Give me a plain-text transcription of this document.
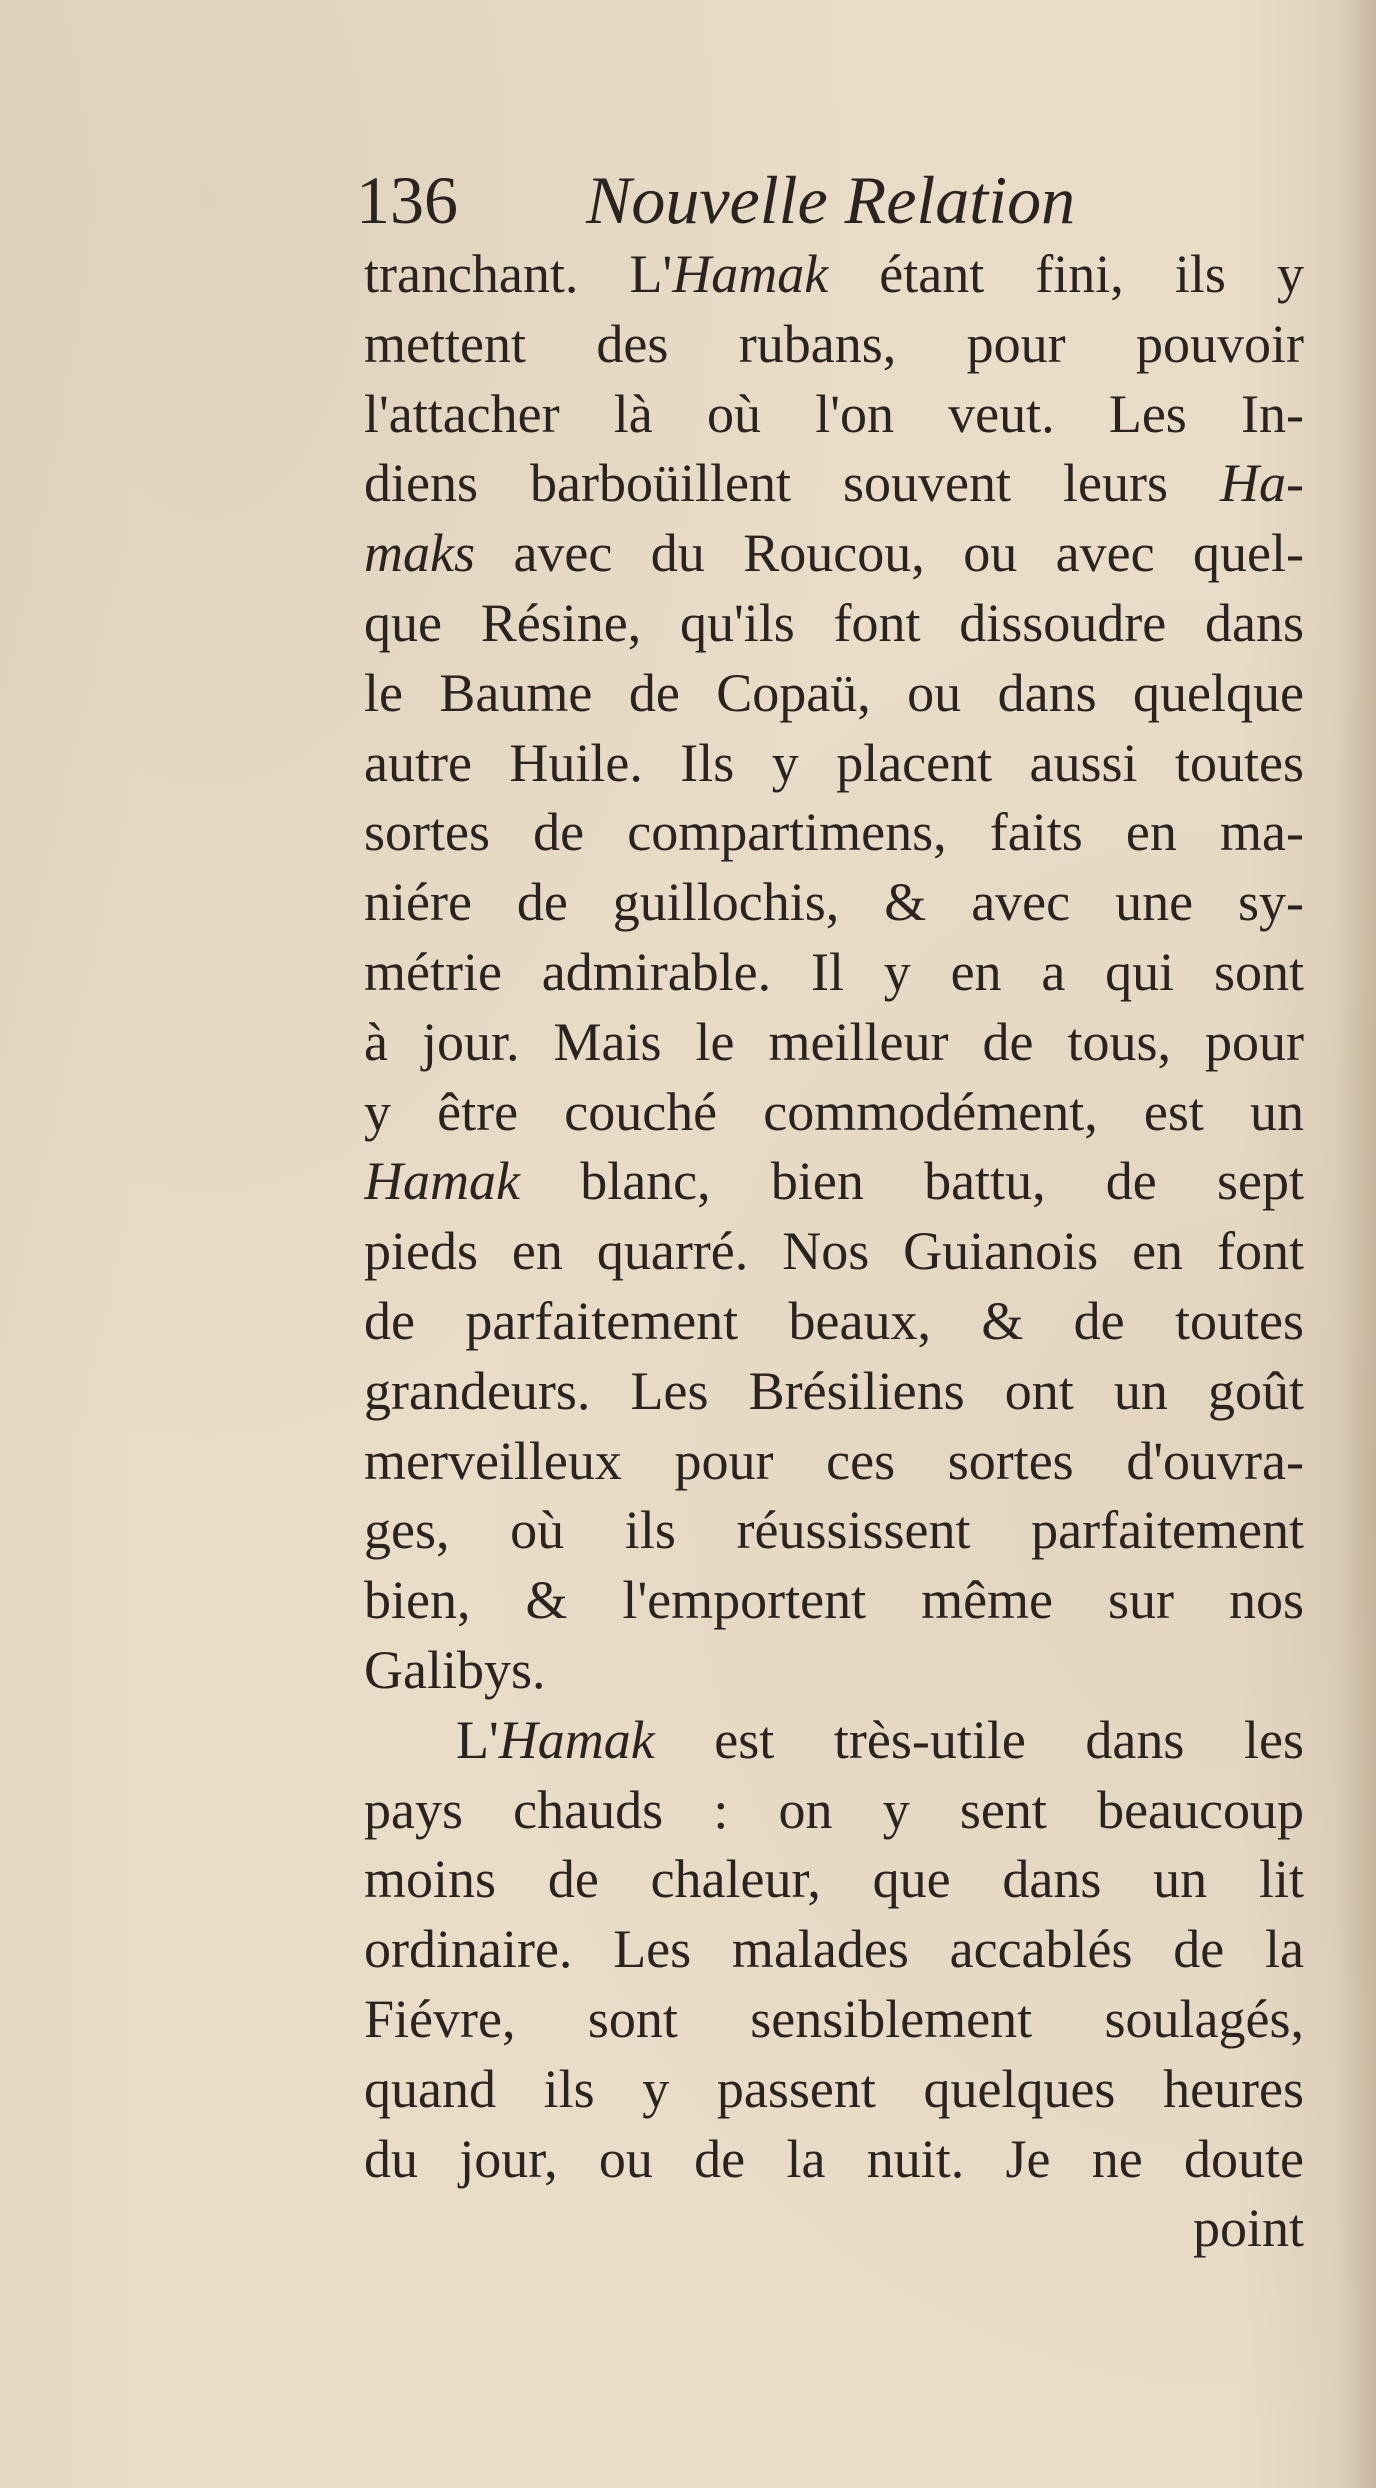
136 Nouvelle Relation
tranchant. L'Hamak étant fini, ils y
mettent des rubans, pour pouvoir
l'attacher là où l'on veut. Les In-
diens barboüillent souvent leurs Ha-
maks avec du Roucou, ou avec quel-
que Résine, qu'ils font dissoudre dans
le Baume de Copaü, ou dans quelque
autre Huile. Ils y placent aussi toutes
sortes de compartimens, faits en ma-
niére de guillochis, & avec une sy-
métrie admirable. Il y en a qui sont
à jour. Mais le meilleur de tous, pour
y être couché commodément, est un
Hamak blanc, bien battu, de sept
pieds en quarré. Nos Guianois en font
de parfaitement beaux, & de toutes
grandeurs. Les Brésiliens ont un goût
merveilleux pour ces sortes d'ouvra-
ges, où ils réussissent parfaitement
bien, & l'emportent même sur nos
Galibys.
L'Hamak est très-utile dans les
pays chauds : on y sent beaucoup
moins de chaleur, que dans un lit
ordinaire. Les malades accablés de la
Fiévre, sont sensiblement soulagés,
quand ils y passent quelques heures
du jour, ou de la nuit. Je ne doute
point
